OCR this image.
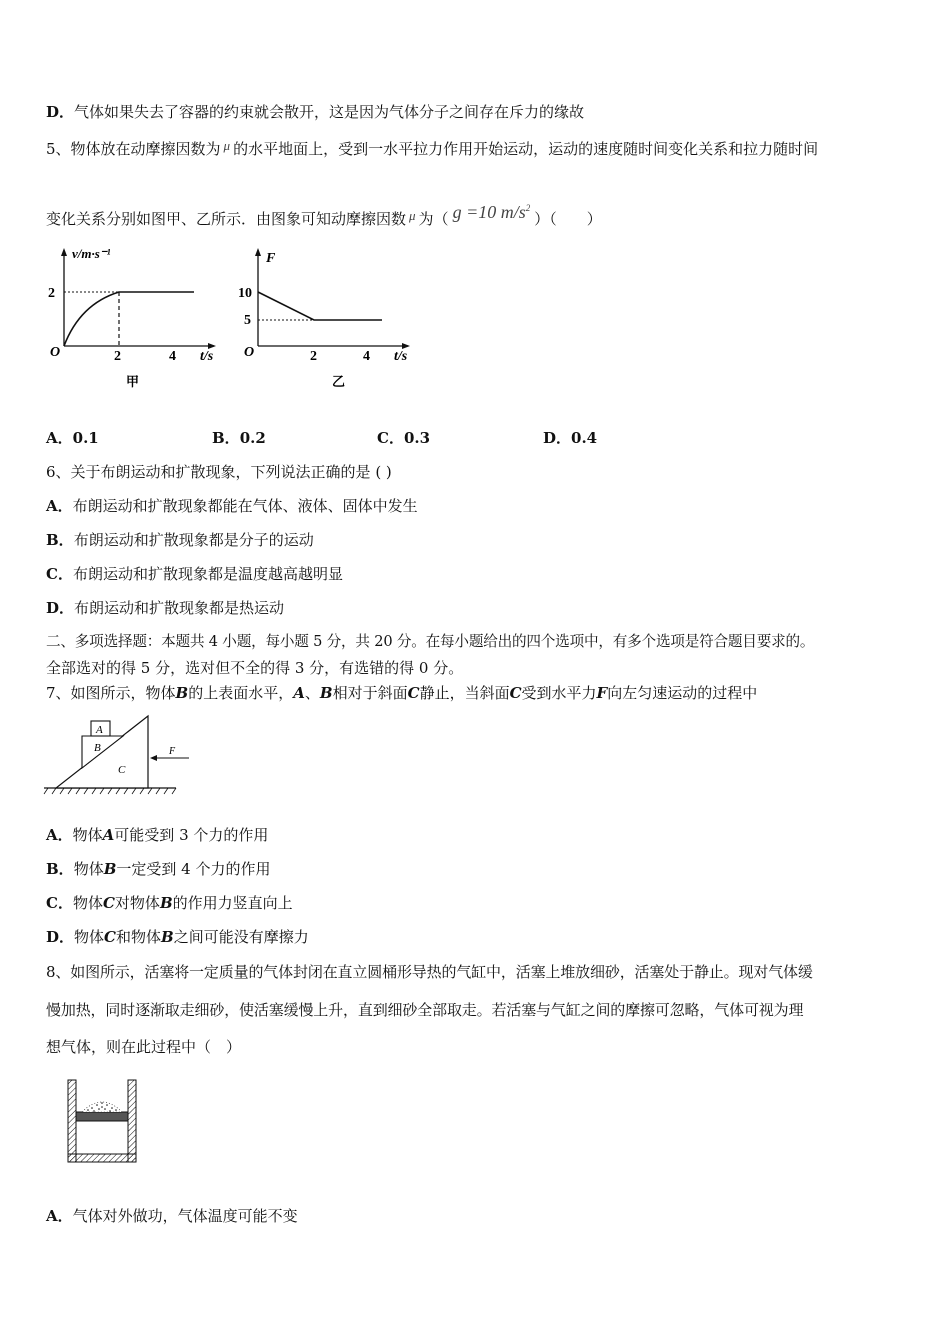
D．气体如果失去了容器的约束就会散开，这是因为气体分子之间存在斥力的缘故
5、物体放在动摩擦因数为 μ 的水平地面上，受到一水平拉力作用开始运动，运动的速度随时间变化关系和拉力随时间
变化关系分别如图甲、乙所示．由图象可知动摩擦因数 μ 为（ g =10 $m/s^2$）（　　）
v/m·s⁻¹
O
2
2	4 t/s
甲
F
O
10
5
2	4 t/s
乙
A．0.1	B．0.2	C．0.3	D．0.4
6、关于布朗运动和扩散现象，下列说法正确的是 ( )
A．布朗运动和扩散现象都能在气体、液体、固体中发生
B．布朗运动和扩散现象都是分子的运动
C．布朗运动和扩散现象都是温度越高越明显
D．布朗运动和扩散现象都是热运动
二、多项选择题：本题共 4 小题，每小题 5 分，共 20 分。在每小题给出的四个选项中，有多个选项是符合题目要求的。
全部选对的得 5 分，选对但不全的得 3 分，有选错的得 0 分。
7、如图所示，物体B的上表面水平，A、B相对于斜面C静止，当斜面C受到水平力F向左匀速运动的过程中
A
B
C
F
A．物体A可能受到 3 个力的作用
B．物体B一定受到 4 个力的作用
C．物体C对物体B的作用力竖直向上
D．物体C和物体B之间可能没有摩擦力
8、如图所示，活塞将一定质量的气体封闭在直立圆桶形导热的气缸中，活塞上堆放细砂，活塞处于静止。现对气体缓
慢加热，同时逐渐取走细砂，使活塞缓慢上升，直到细砂全部取走。若活塞与气缸之间的摩擦可忽略，气体可视为理
想气体，则在此过程中（　）
A．气体对外做功，气体温度可能不变
